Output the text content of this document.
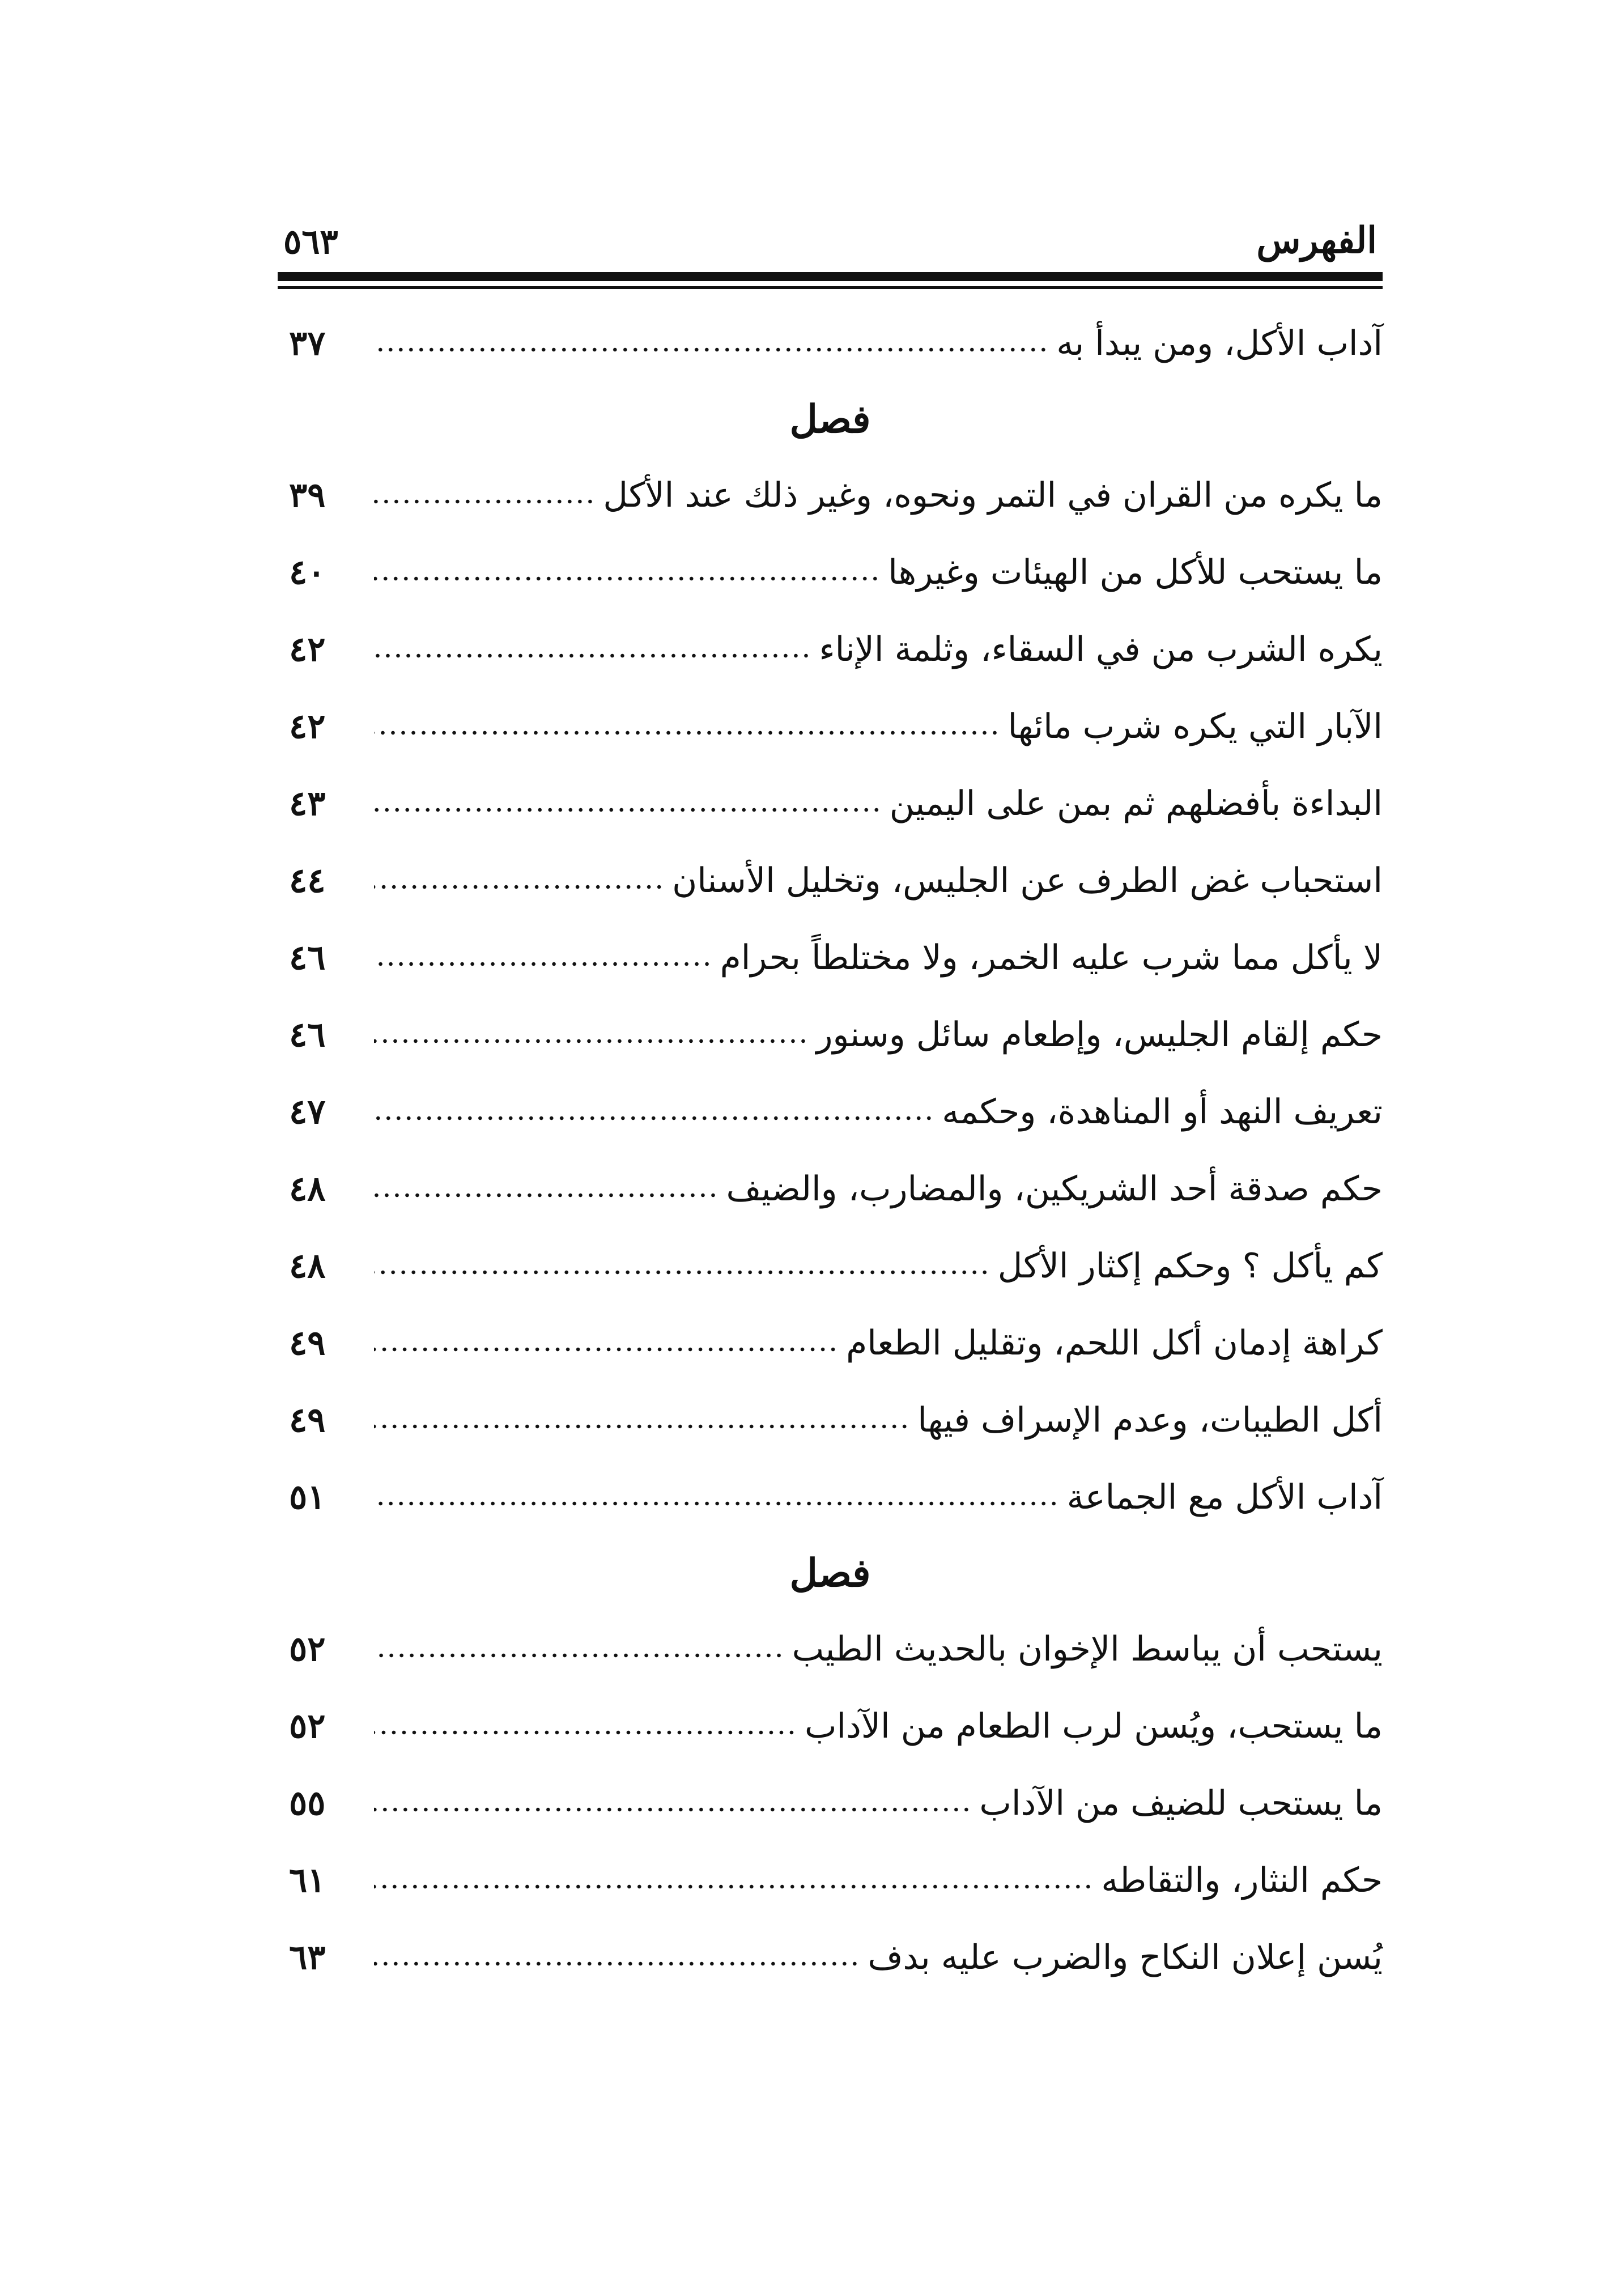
الفهرس
٥٦٣
آداب الأكل، ومن يبدأ به
٣٧
فصل
ما يكره من القران في التمر ونحوه، وغير ذلك عند الأكل
٣٩
ما يستحب للأكل من الهيئات وغيرها
٤٠
يكره الشرب من في السقاء، وثلمة الإناء
٤٢
الآبار التي يكره شرب مائها
٤٢
البداءة بأفضلهم ثم بمن على اليمين
٤٣
استحباب غض الطرف عن الجليس، وتخليل الأسنان
٤٤
لا يأكل مما شرب عليه الخمر، ولا مختلطاً بحرام
٤٦
حكم إلقام الجليس، وإطعام سائل وسنور
٤٦
تعريف النهد أو المناهدة، وحكمه
٤٧
حكم صدقة أحد الشريكين، والمضارب، والضيف
٤٨
كم يأكل ؟ وحكم إكثار الأكل
٤٨
كراهة إدمان أكل اللحم، وتقليل الطعام
٤٩
أكل الطيبات، وعدم الإسراف فيها
٤٩
آداب الأكل مع الجماعة
٥١
فصل
يستحب أن يباسط الإخوان بالحديث الطيب
٥٢
ما يستحب، ويُسن لرب الطعام من الآداب
٥٢
ما يستحب للضيف من الآداب
٥٥
حكم النثار، والتقاطه
٦١
يُسن إعلان النكاح والضرب عليه بدف
٦٣
